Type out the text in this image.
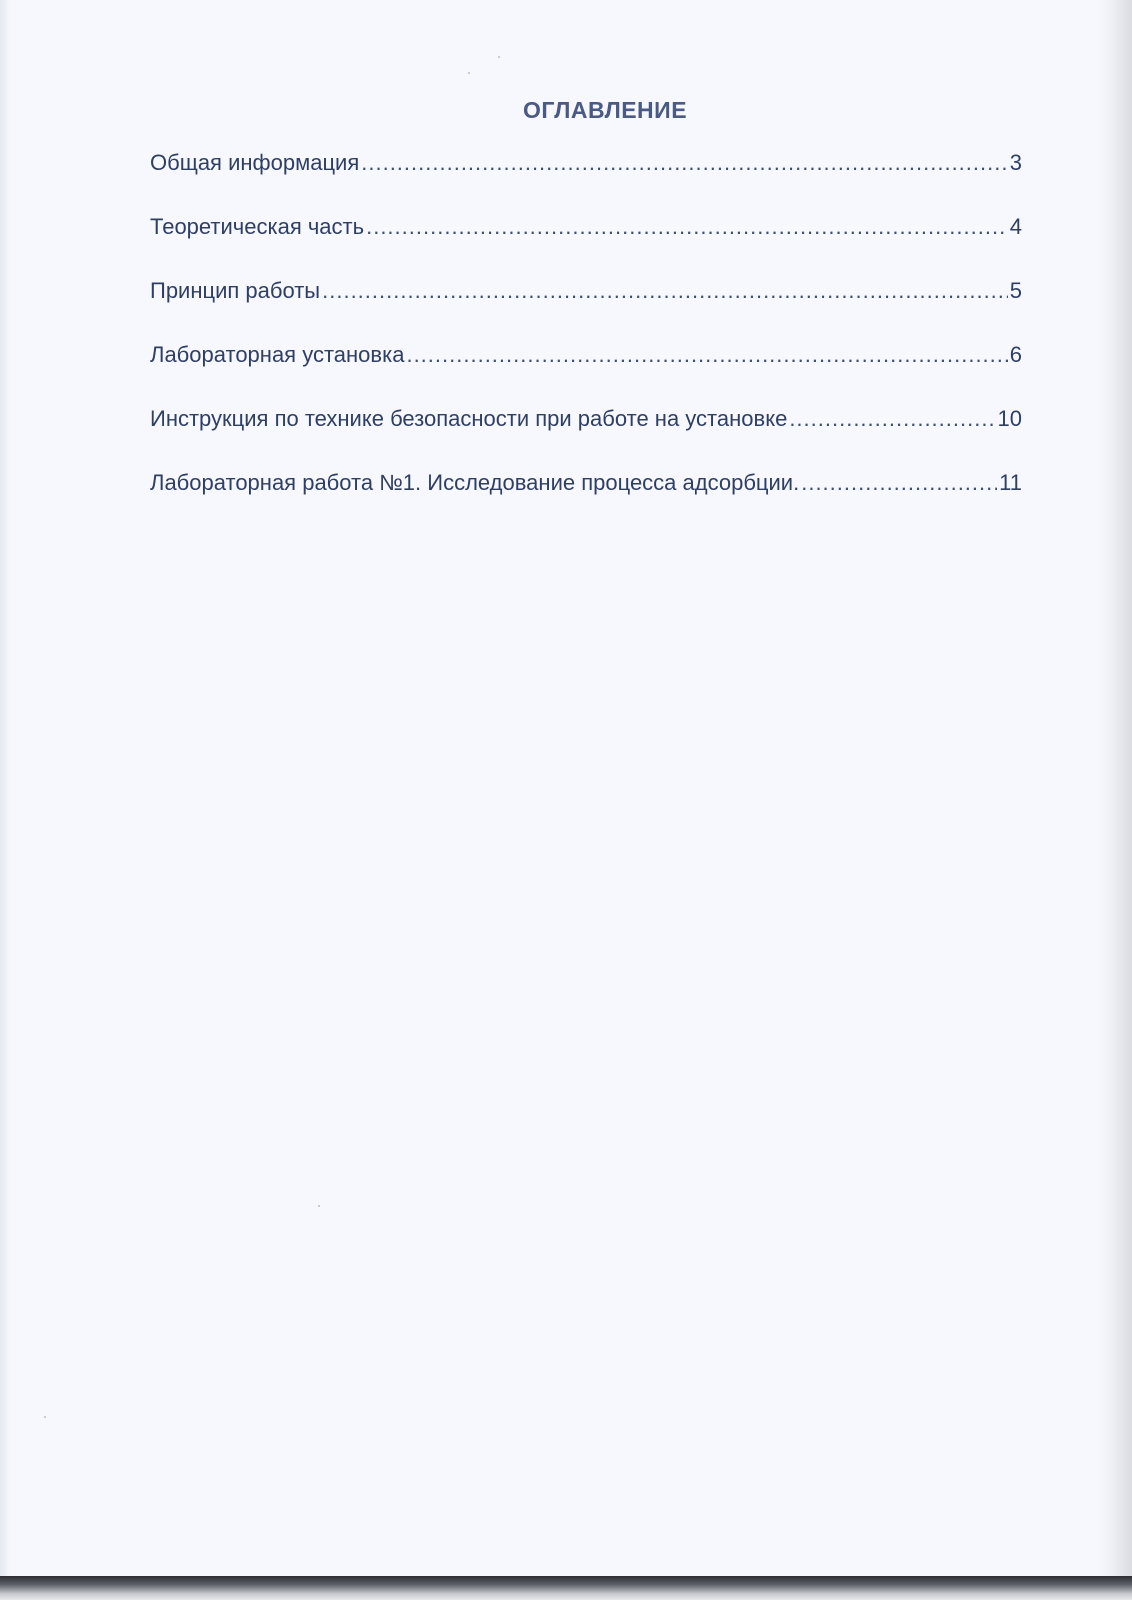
ОГЛАВЛЕНИЕ
Общая информация .....	3
Теоретическая часть .....	4
Принцип работы .....	5
Лабораторная установка .....	6
Инструкция по технике безопасности при работе на установке .....	10
Лабораторная работа №1. Исследование процесса адсорбции. .....	11
